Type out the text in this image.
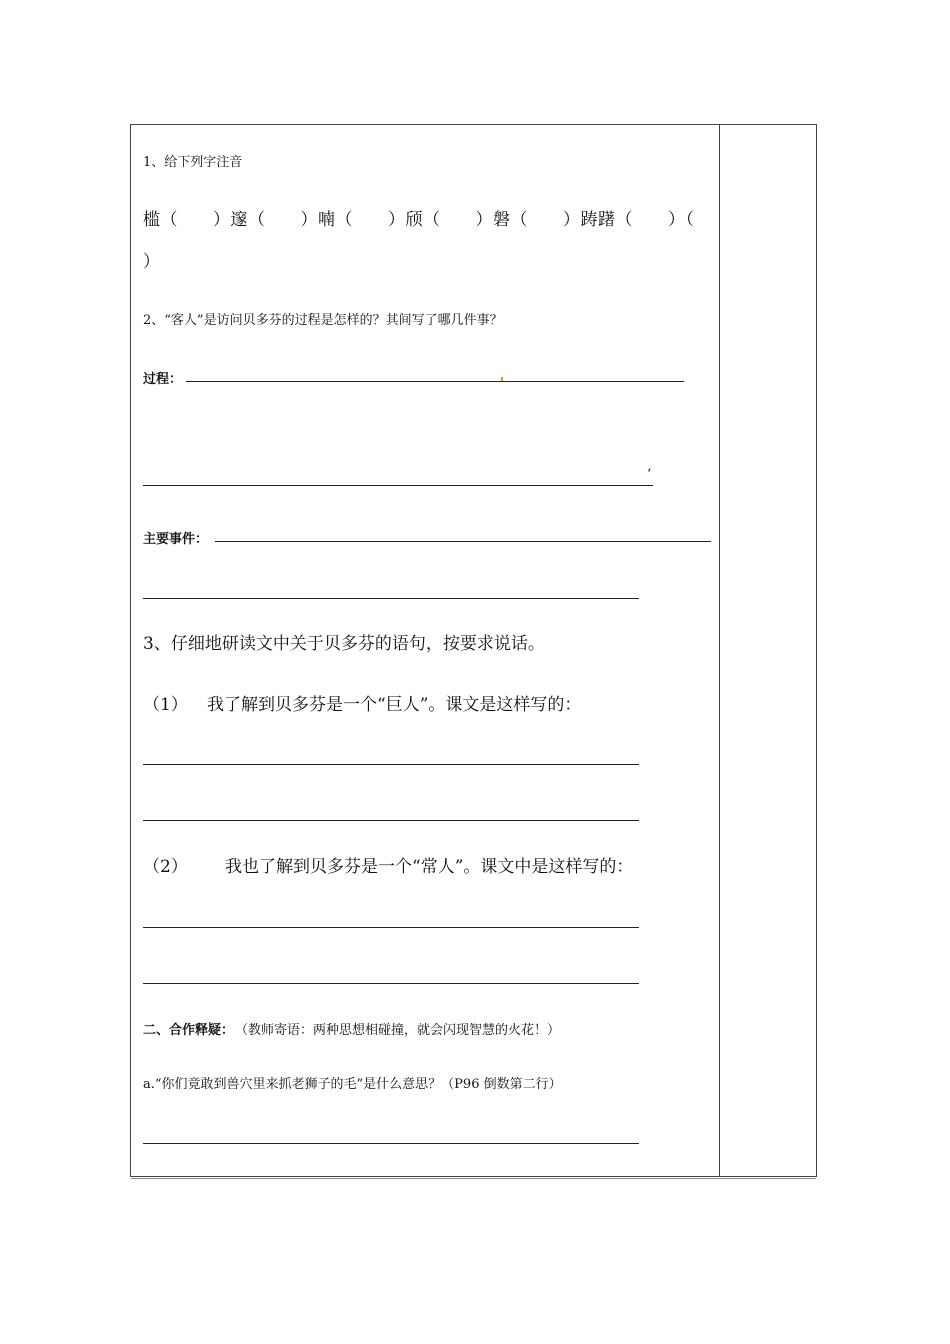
1、给下列字注音
槛（　　）邃（　　）喃（　　）颀（　　）磐（　　）踌躇（　　）（
）
2、“客人”是访问贝多芬的过程是怎样的？其间写了哪几件事？
过程：
‘
主要事件：
3、仔细地研读文中关于贝多芬的语句，按要求说话。
（1） 我了解到贝多芬是一个“巨人”。课文是这样写的：
（2） 我也了解到贝多芬是一个“常人”。课文中是这样写的：
二、合作释疑： （教师寄语：两种思想相碰撞，就会闪现智慧的火花！）
a.“你们竟敢到兽穴里来抓老狮子的毛”是什么意思？（P96 倒数第二行）
